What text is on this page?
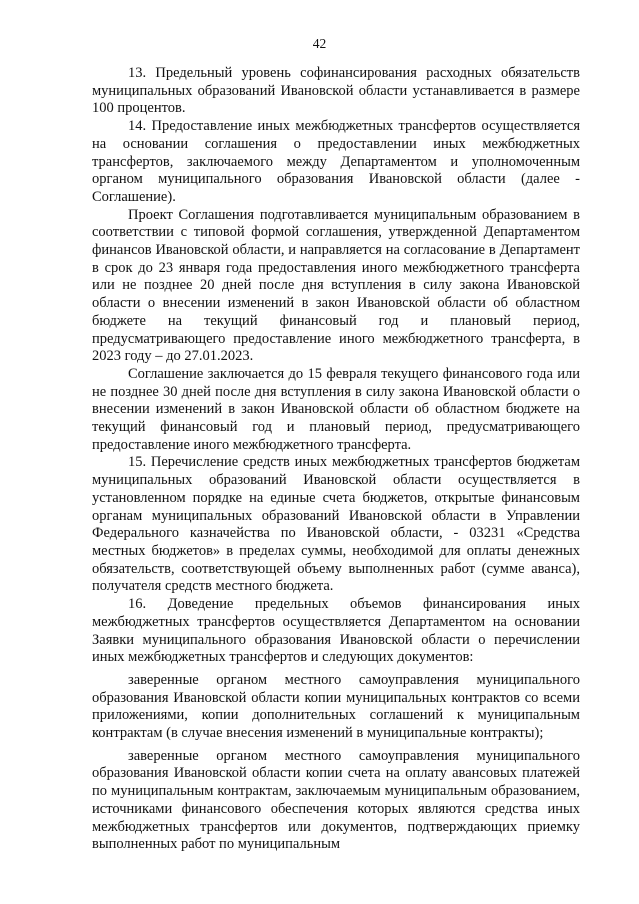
42

13. Предельный уровень софинансирования расходных обязательств муниципальных образований Ивановской области устанавливается в размере 100 процентов.

14. Предоставление иных межбюджетных трансфертов осуществляется на основании соглашения о предоставлении иных межбюджетных трансфертов, заключаемого между Департаментом и уполномоченным органом муниципального образования Ивановской области (далее - Соглашение).

Проект Соглашения подготавливается муниципальным образованием в соответствии с типовой формой соглашения, утвержденной Департаментом финансов Ивановской области, и направляется на согласование в Департамент в срок до 23 января года предоставления иного межбюджетного трансферта или не позднее 20 дней после дня вступления в силу закона Ивановской области о внесении изменений в закон Ивановской области об областном бюджете на текущий финансовый год и плановый период, предусматривающего предоставление иного межбюджетного трансферта, в 2023 году – до 27.01.2023.

Соглашение заключается до 15 февраля текущего финансового года или не позднее 30 дней после дня вступления в силу закона Ивановской области о внесении изменений в закон Ивановской области об областном бюджете на текущий финансовый год и плановый период, предусматривающего предоставление иного межбюджетного трансферта.

15. Перечисление средств иных межбюджетных трансфертов бюджетам муниципальных образований Ивановской области осуществляется в установленном порядке на единые счета бюджетов, открытые финансовым органам муниципальных образований Ивановской области в Управлении Федерального казначейства по Ивановской области, - 03231 «Средства местных бюджетов» в пределах суммы, необходимой для оплаты денежных обязательств, соответствующей объему выполненных работ (сумме аванса), получателя средств местного бюджета.

16. Доведение предельных объемов финансирования иных межбюджетных трансфертов осуществляется Департаментом на основании Заявки муниципального образования Ивановской области о перечислении иных межбюджетных трансфертов и следующих документов:

заверенные органом местного самоуправления муниципального образования Ивановской области копии муниципальных контрактов со всеми приложениями, копии дополнительных соглашений к муниципальным контрактам (в случае внесения изменений в муниципальные контракты);

заверенные органом местного самоуправления муниципального образования Ивановской области копии счета на оплату авансовых платежей по муниципальным контрактам, заключаемым муниципальным образованием, источниками финансового обеспечения которых являются средства иных межбюджетных трансфертов или документов, подтверждающих приемку выполненных работ по муниципальным
